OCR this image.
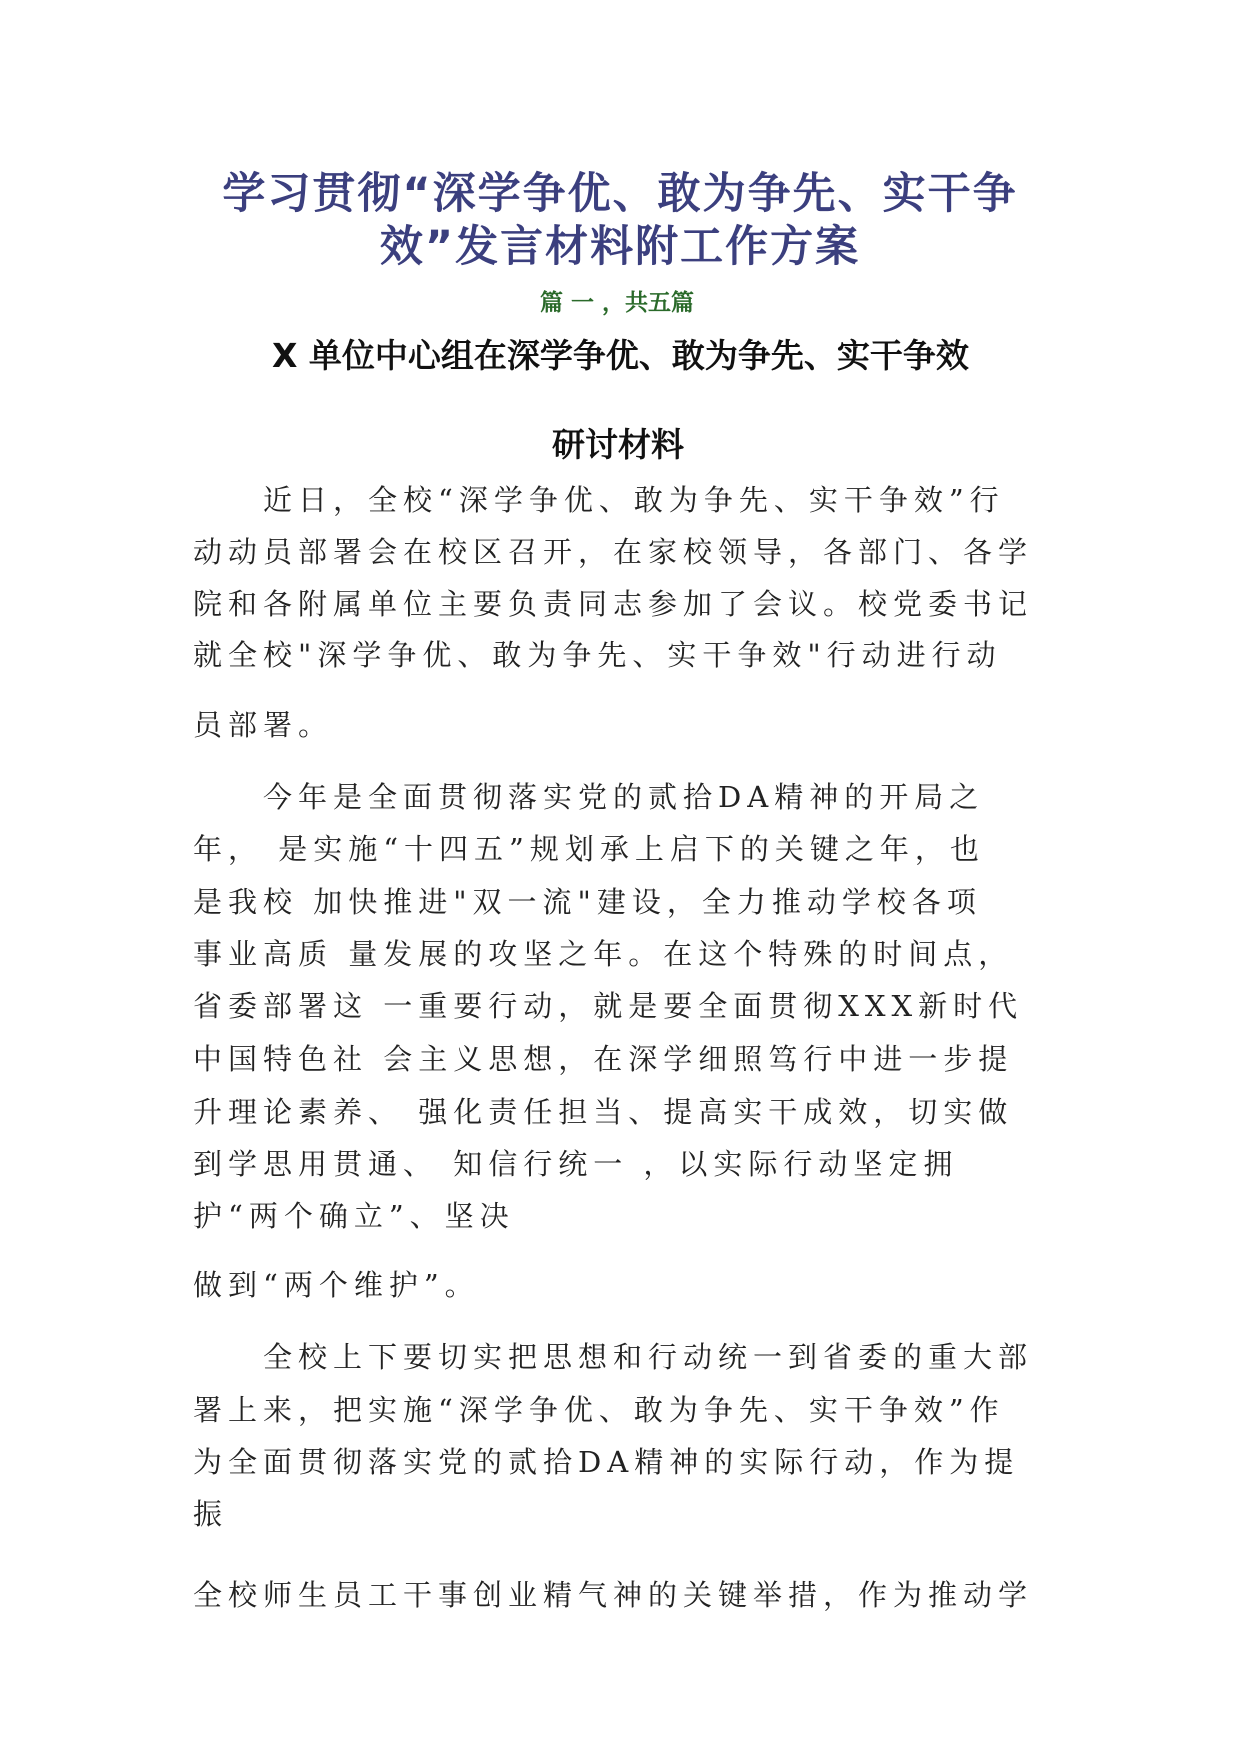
学习贯彻“深学争优、敢为争先、实干争
效”发言材料附工作方案

篇 一 ，共五篇

X 单位中心组在深学争优、敢为争先、实干争效
研讨材料

近日，全校“深学争优、敢为争先、实干争效”行

动动员部署会在校区召开，在家校领导，各部门、各学

院和各附属单位主要负责同志参加了会议。校党委书记

就全校"深学争优、敢为争先、实干争效"行动进行动

员部署。

今年是全面贯彻落实党的贰拾DA精神的开局之

年， 是实施“十四五”规划承上启下的关键之年，也

是我校 加快推进"双一流"建设，全力推动学校各项

事业高质 量发展的攻坚之年。在这个特殊的时间点，

省委部署这 一重要行动，就是要全面贯彻XXX新时代

中国特色社 会主义思想，在深学细照笃行中进一步提

升理论素养、 强化责任担当、提高实干成效，切实做

到学思用贯通、 知信行统一 ，以实际行动坚定拥

护“两个确立”、坚决

做到“两个维护”。

全校上下要切实把思想和行动统一到省委的重大部

署上来，把实施“深学争优、敢为争先、实干争效”作

为全面贯彻落实党的贰拾DA精神的实际行动，作为提

振

全校师生员工干事创业精气神的关键举措，作为推动学
